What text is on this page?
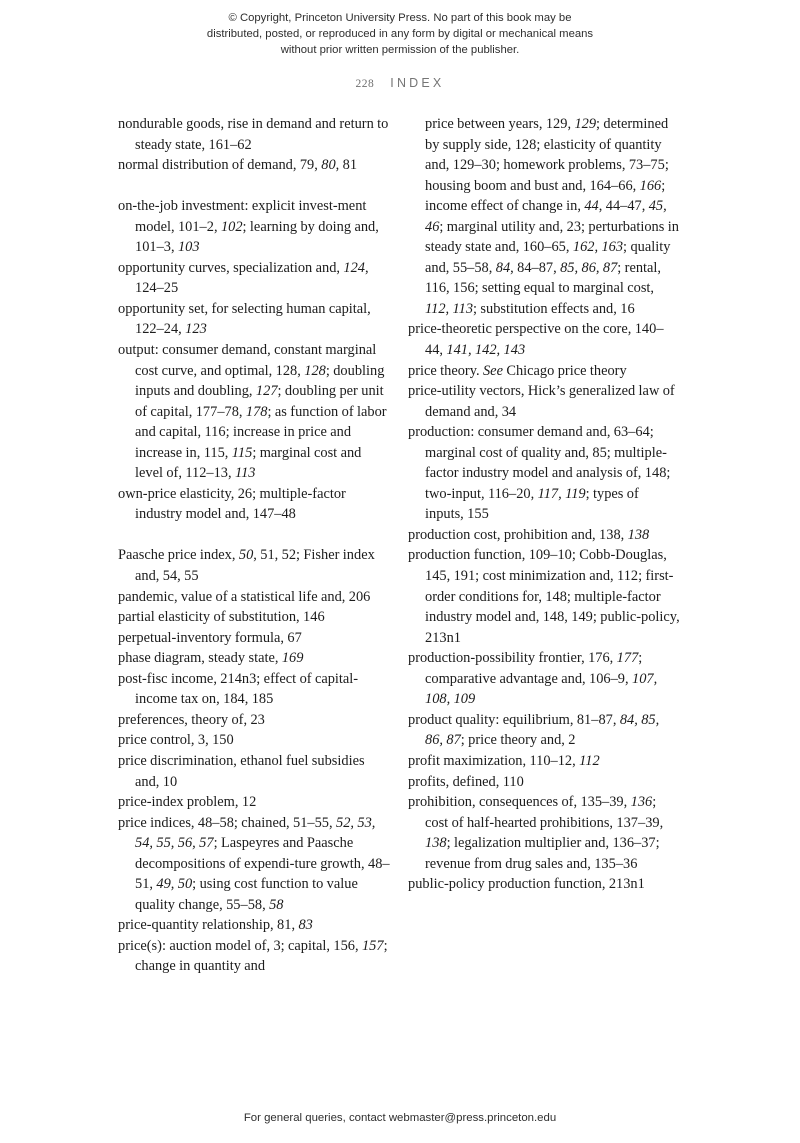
© Copyright, Princeton University Press. No part of this book may be distributed, posted, or reproduced in any form by digital or mechanical means without prior written permission of the publisher.
228 INDEX

nondurable goods, rise in demand and return to steady state, 161–62

normal distribution of demand, 79, 80, 81

on-the-job investment: explicit invest-ment model, 101–2, 102; learning by doing and, 101–3, 103

opportunity curves, specialization and, 124, 124–25

opportunity set, for selecting human capital, 122–24, 123

output: consumer demand, constant marginal cost curve, and optimal, 128, 128; doubling inputs and doubling, 127; doubling per unit of capital, 177–78, 178; as function of labor and capital, 116; increase in price and increase in, 115, 115; marginal cost and level of, 112–13, 113

own-price elasticity, 26; multiple-factor industry model and, 147–48

Paasche price index, 50, 51, 52; Fisher index and, 54, 55

pandemic, value of a statistical life and, 206

partial elasticity of substitution, 146

perpetual-inventory formula, 67

phase diagram, steady state, 169

post-fisc income, 214n3; effect of capital-income tax on, 184, 185

preferences, theory of, 23

price control, 3, 150

price discrimination, ethanol fuel subsidies and, 10

price-index problem, 12

price indices, 48–58; chained, 51–55, 52, 53, 54, 55, 56, 57; Laspeyres and Paasche decompositions of expendi-ture growth, 48–51, 49, 50; using cost function to value quality change, 55–58, 58

price-quantity relationship, 81, 83

price(s): auction model of, 3; capital, 156, 157; change in quantity and

price between years, 129, 129; determined by supply side, 128; elasticity of quantity and, 129–30; homework problems, 73–75; housing boom and bust and, 164–66, 166; income effect of change in, 44, 44–47, 45, 46; marginal utility and, 23; perturbations in steady state and, 160–65, 162, 163; quality and, 55–58, 84, 84–87, 85, 86, 87; rental, 116, 156; setting equal to marginal cost, 112, 113; substitution effects and, 16

price-theoretic perspective on the core, 140–44, 141, 142, 143

price theory. See Chicago price theory

price-utility vectors, Hick’s generalized law of demand and, 34

production: consumer demand and, 63–64; marginal cost of quality and, 85; multiple-factor industry model and analysis of, 148; two-input, 116–20, 117, 119; types of inputs, 155

production cost, prohibition and, 138, 138

production function, 109–10; Cobb-Douglas, 145, 191; cost minimization and, 112; first-order conditions for, 148; multiple-factor industry model and, 148, 149; public-policy, 213n1

production-possibility frontier, 176, 177; comparative advantage and, 106–9, 107, 108, 109

product quality: equilibrium, 81–87, 84, 85, 86, 87; price theory and, 2

profit maximization, 110–12, 112

profits, defined, 110

prohibition, consequences of, 135–39, 136; cost of half-hearted prohibitions, 137–39, 138; legalization multiplier and, 136–37; revenue from drug sales and, 135–36

public-policy production function, 213n1

For general queries, contact webmaster@press.princeton.edu
